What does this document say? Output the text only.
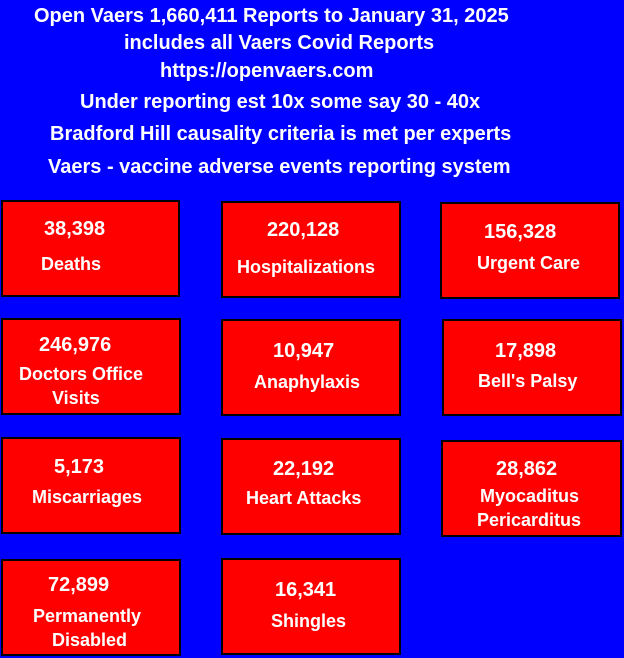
Open Vaers 1,660,411 Reports to January 31, 2025
includes all Vaers Covid Reports
https://openvaers.com
Under reporting est 10x some say 30 - 40x
Bradford Hill causality criteria is met per experts
Vaers - vaccine adverse events reporting system
38,398
Deaths
220,128
Hospitalizations
156,328
Urgent Care
246,976
Doctors Office
Visits
10,947
Anaphylaxis
17,898
Bell's Palsy
5,173
Miscarriages
22,192
Heart Attacks
28,862
Myocaditus
Pericarditus
72,899
Permanently
Disabled
16,341
Shingles
